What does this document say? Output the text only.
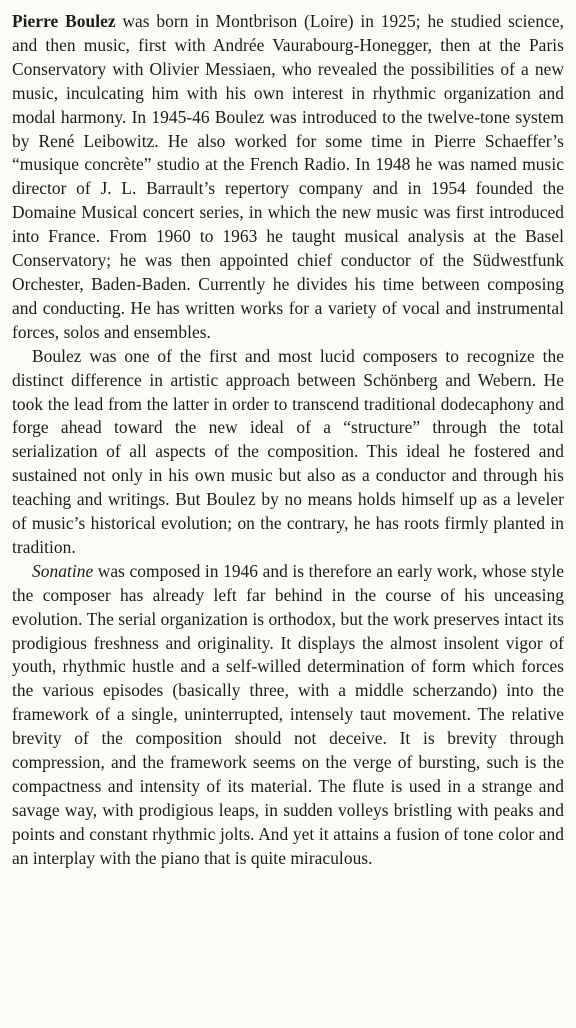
Pierre Boulez was born in Montbrison (Loire) in 1925; he studied science, and then music, first with Andrée Vaurabourg-Honegger, then at the Paris Conservatory with Olivier Messiaen, who revealed the possibilities of a new music, inculcating him with his own interest in rhythmic organization and modal harmony. In 1945-46 Boulez was introduced to the twelve-tone system by René Leibowitz. He also worked for some time in Pierre Schaeffer’s “musique concrète” studio at the French Radio. In 1948 he was named music director of J. L. Barrault’s repertory company and in 1954 founded the Domaine Musical concert series, in which the new music was first introduced into France. From 1960 to 1963 he taught musical analysis at the Basel Conservatory; he was then appointed chief conductor of the Südwestfunk Orchester, Baden-Baden. Currently he divides his time between composing and conducting. He has written works for a variety of vocal and instrumental forces, solos and ensembles.

Boulez was one of the first and most lucid composers to recognize the distinct difference in artistic approach between Schönberg and Webern. He took the lead from the latter in order to transcend traditional dodecaphony and forge ahead toward the new ideal of a “structure” through the total serialization of all aspects of the composition. This ideal he fostered and sustained not only in his own music but also as a conductor and through his teaching and writings. But Boulez by no means holds himself up as a leveler of music’s historical evolution; on the contrary, he has roots firmly planted in tradition.

Sonatine was composed in 1946 and is therefore an early work, whose style the composer has already left far behind in the course of his unceasing evolution. The serial organization is orthodox, but the work preserves intact its prodigious freshness and originality. It displays the almost insolent vigor of youth, rhythmic hustle and a self-willed determination of form which forces the various episodes (basically three, with a middle scherzando) into the framework of a single, uninterrupted, intensely taut movement. The relative brevity of the composition should not deceive. It is brevity through compression, and the framework seems on the verge of bursting, such is the compactness and intensity of its material. The flute is used in a strange and savage way, with prodigious leaps, in sudden volleys bristling with peaks and points and constant rhythmic jolts. And yet it attains a fusion of tone color and an interplay with the piano that is quite miraculous.
